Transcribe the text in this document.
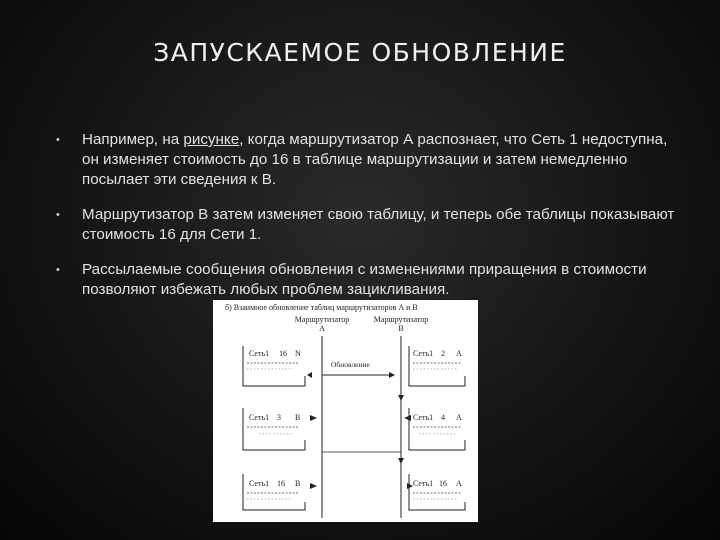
ЗАПУСКАЕМОЕ ОБНОВЛЕНИЕ
• Например, на рисунке, когда маршрутизатор А распознает, что Сеть 1 недоступна, он изменяет стоимость до 16 в таблице маршрутизации и затем немедленно посылает эти сведения к В.
• Маршрутизатор В затем изменяет свою таблицу, и теперь обе таблицы показывают стоимость 16 для Сети 1.
• Рассылаемые сообщения обновления с изменениями приращения в стоимости позволяют избежать любых проблем зацикливания.
б) Взаимное обновление таблиц маршрутизаторов А и В
Маршрутизатор
А
Маршрутизатор
В
Сеть1 16 N
Сеть1 3 В
Сеть1 16 В
Сеть1 2 А
Сеть1 4 А
Сеть1 16 А
Обновление
